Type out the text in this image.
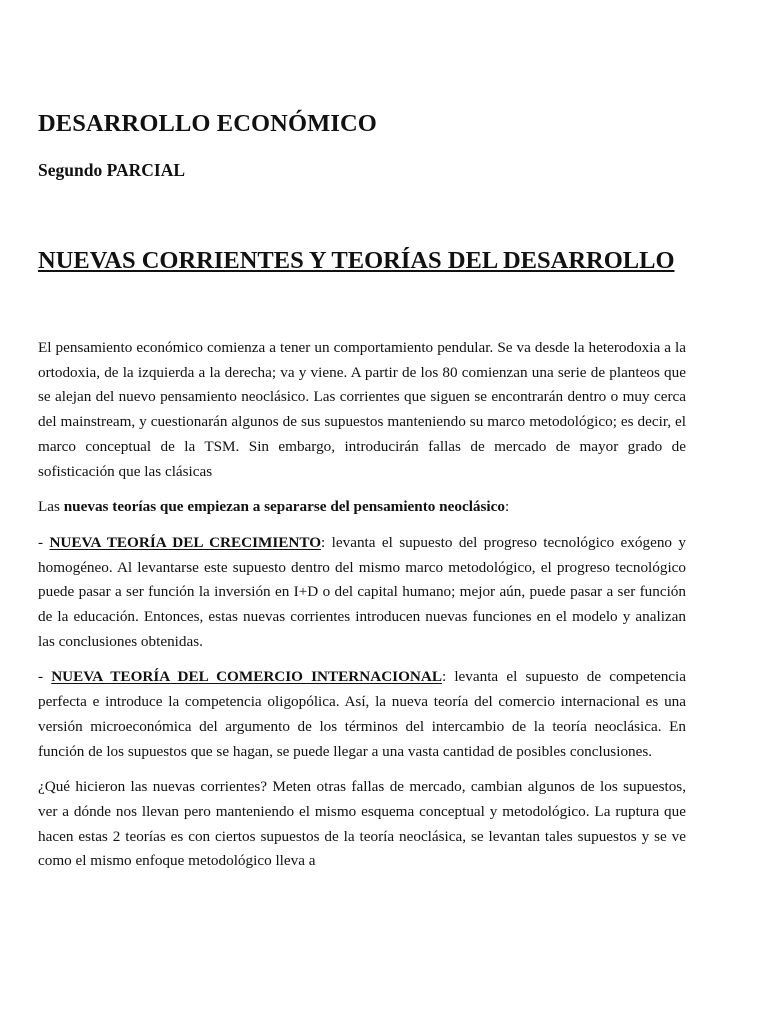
DESARROLLO ECONÓMICO
Segundo PARCIAL
NUEVAS CORRIENTES Y TEORÍAS DEL DESARROLLO

El pensamiento económico comienza a tener un comportamiento pendular. Se va desde la heterodoxia a la ortodoxia, de la izquierda a la derecha; va y viene. A partir de los 80 comienzan una serie de planteos que se alejan del nuevo pensamiento neoclásico. Las corrientes que siguen se encontrarán dentro o muy cerca del mainstream, y cuestionarán algunos de sus supuestos manteniendo su marco metodológico; es decir, el marco conceptual de la TSM. Sin embargo, introducirán fallas de mercado de mayor grado de sofisticación que las clásicas

Las nuevas teorías que empiezan a separarse del pensamiento neoclásico:

- NUEVA TEORÍA DEL CRECIMIENTO: levanta el supuesto del progreso tecnológico exógeno y homogéneo. Al levantarse este supuesto dentro del mismo marco metodológico, el progreso tecnológico puede pasar a ser función la inversión en I+D o del capital humano; mejor aún, puede pasar a ser función de la educación. Entonces, estas nuevas corrientes introducen nuevas funciones en el modelo y analizan las conclusiones obtenidas.

- NUEVA TEORÍA DEL COMERCIO INTERNACIONAL: levanta el supuesto de competencia perfecta e introduce la competencia oligopólica. Así, la nueva teoría del comercio internacional es una versión microeconómica del argumento de los términos del intercambio de la teoría neoclásica. En función de los supuestos que se hagan, se puede llegar a una vasta cantidad de posibles conclusiones.

¿Qué hicieron las nuevas corrientes? Meten otras fallas de mercado, cambian algunos de los supuestos, ver a dónde nos llevan pero manteniendo el mismo esquema conceptual y metodológico. La ruptura que hacen estas 2 teorías es con ciertos supuestos de la teoría neoclásica, se levantan tales supuestos y se ve como el mismo enfoque metodológico lleva a
